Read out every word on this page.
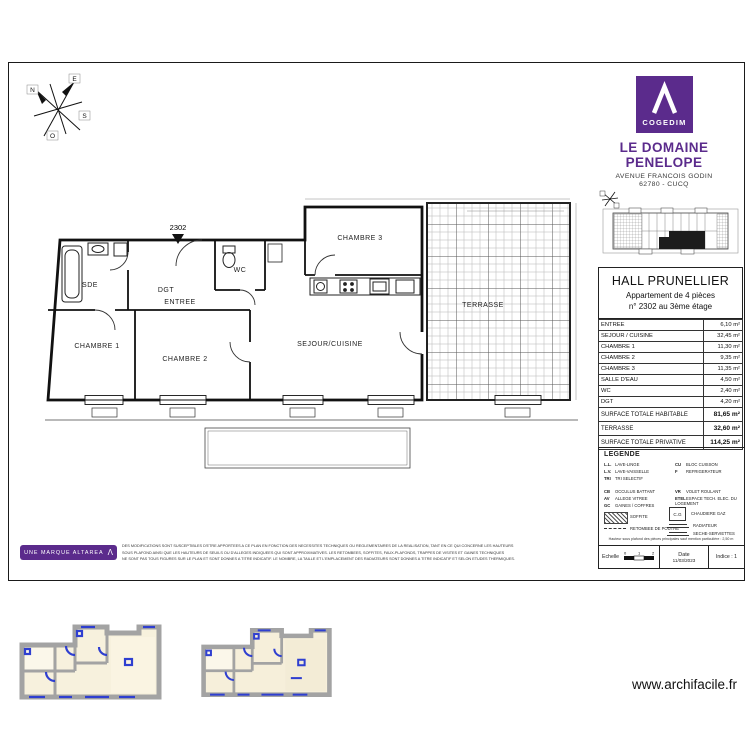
N
E
S
O
COGEDIM
LE DOMAINE PENELOPE
AVENUE FRANCOIS GODIN
62780 - CUCQ
HALL PRUNELLIER
Appartement de 4 pièces
n° 2302 au 3ème étage
ENTREE	6,10 m²
SEJOUR / CUISINE	32,45 m²
CHAMBRE 1	11,30 m²
CHAMBRE 2	9,35 m²
CHAMBRE 3	11,35 m²
SALLE D'EAU	4,50 m²
WC	2,40 m²
DGT	4,20 m²
SURFACE TOTALE HABITABLE	81,65 m²
TERRASSE	32,60 m²
SURFACE TOTALE PRIVATIVE	114,25 m²
2302
SDE
DGT
ENTREE
WC
CHAMBRE 1
CHAMBRE 2
CHAMBRE 3
SEJOUR/CUISINE
TERRASSE
LEGENDE
L.L. LAVE-LINGE
L.V. LAVE-VAISSELLE
TRI TRI SELECTIF
CB OCCULUS BATTANT
AV ALLEGE VITREE
GC GAINES / COFFRES
CU BLOC CUISSON
F REFRIGERATEUR
VR VOLET ROULANT
ETELESPACE TECH. ELEC. DU LOGEMENT
SOFFITE
RETOMBEE DE POUTRE
C.G CHAUDIERE GAZ
RADIATEUR
SECHE-SERVIETTES
Hauteur sous plafond des pièces principales sauf mention particulière : 2,50 m
Echelle
0	1	2	Date
11/03/2023	Indice : 1
UNE MARQUE ALTAREA Λ
DES MODIFICATIONS SONT SUSCEPTIBLES D'ETRE APPORTEES A CE PLAN EN FONCTION DES NECESSITES TECHNIQUES OU REGLEMENTAIRES DE LA REALISATION, TANT EN CE QUI CONCERNE LES HAUTEURS
SOUS PLAFOND AINSI QUE LES HAUTEURS DE SEUILS OU D'ALLEGES INDIQUEES QUI SONT APPROXIMATIVES. LES RETOMBEES, SOFFITES, FAUX-PLAFONDS, TRAPPES DE VISITES ET GAINES TECHNIQUES
NE SONT PAS TOUS FIGURES SUR LE PLAN ET SONT DONNES A TITRE INDICATIF. LE NOMBRE, LA TAILLE ET L'EMPLACEMENT DES RADIATEURS SONT DONNES A TITRE INDICATIF ET SELON ETUDES THERMIQUES.
www.archifacile.fr
